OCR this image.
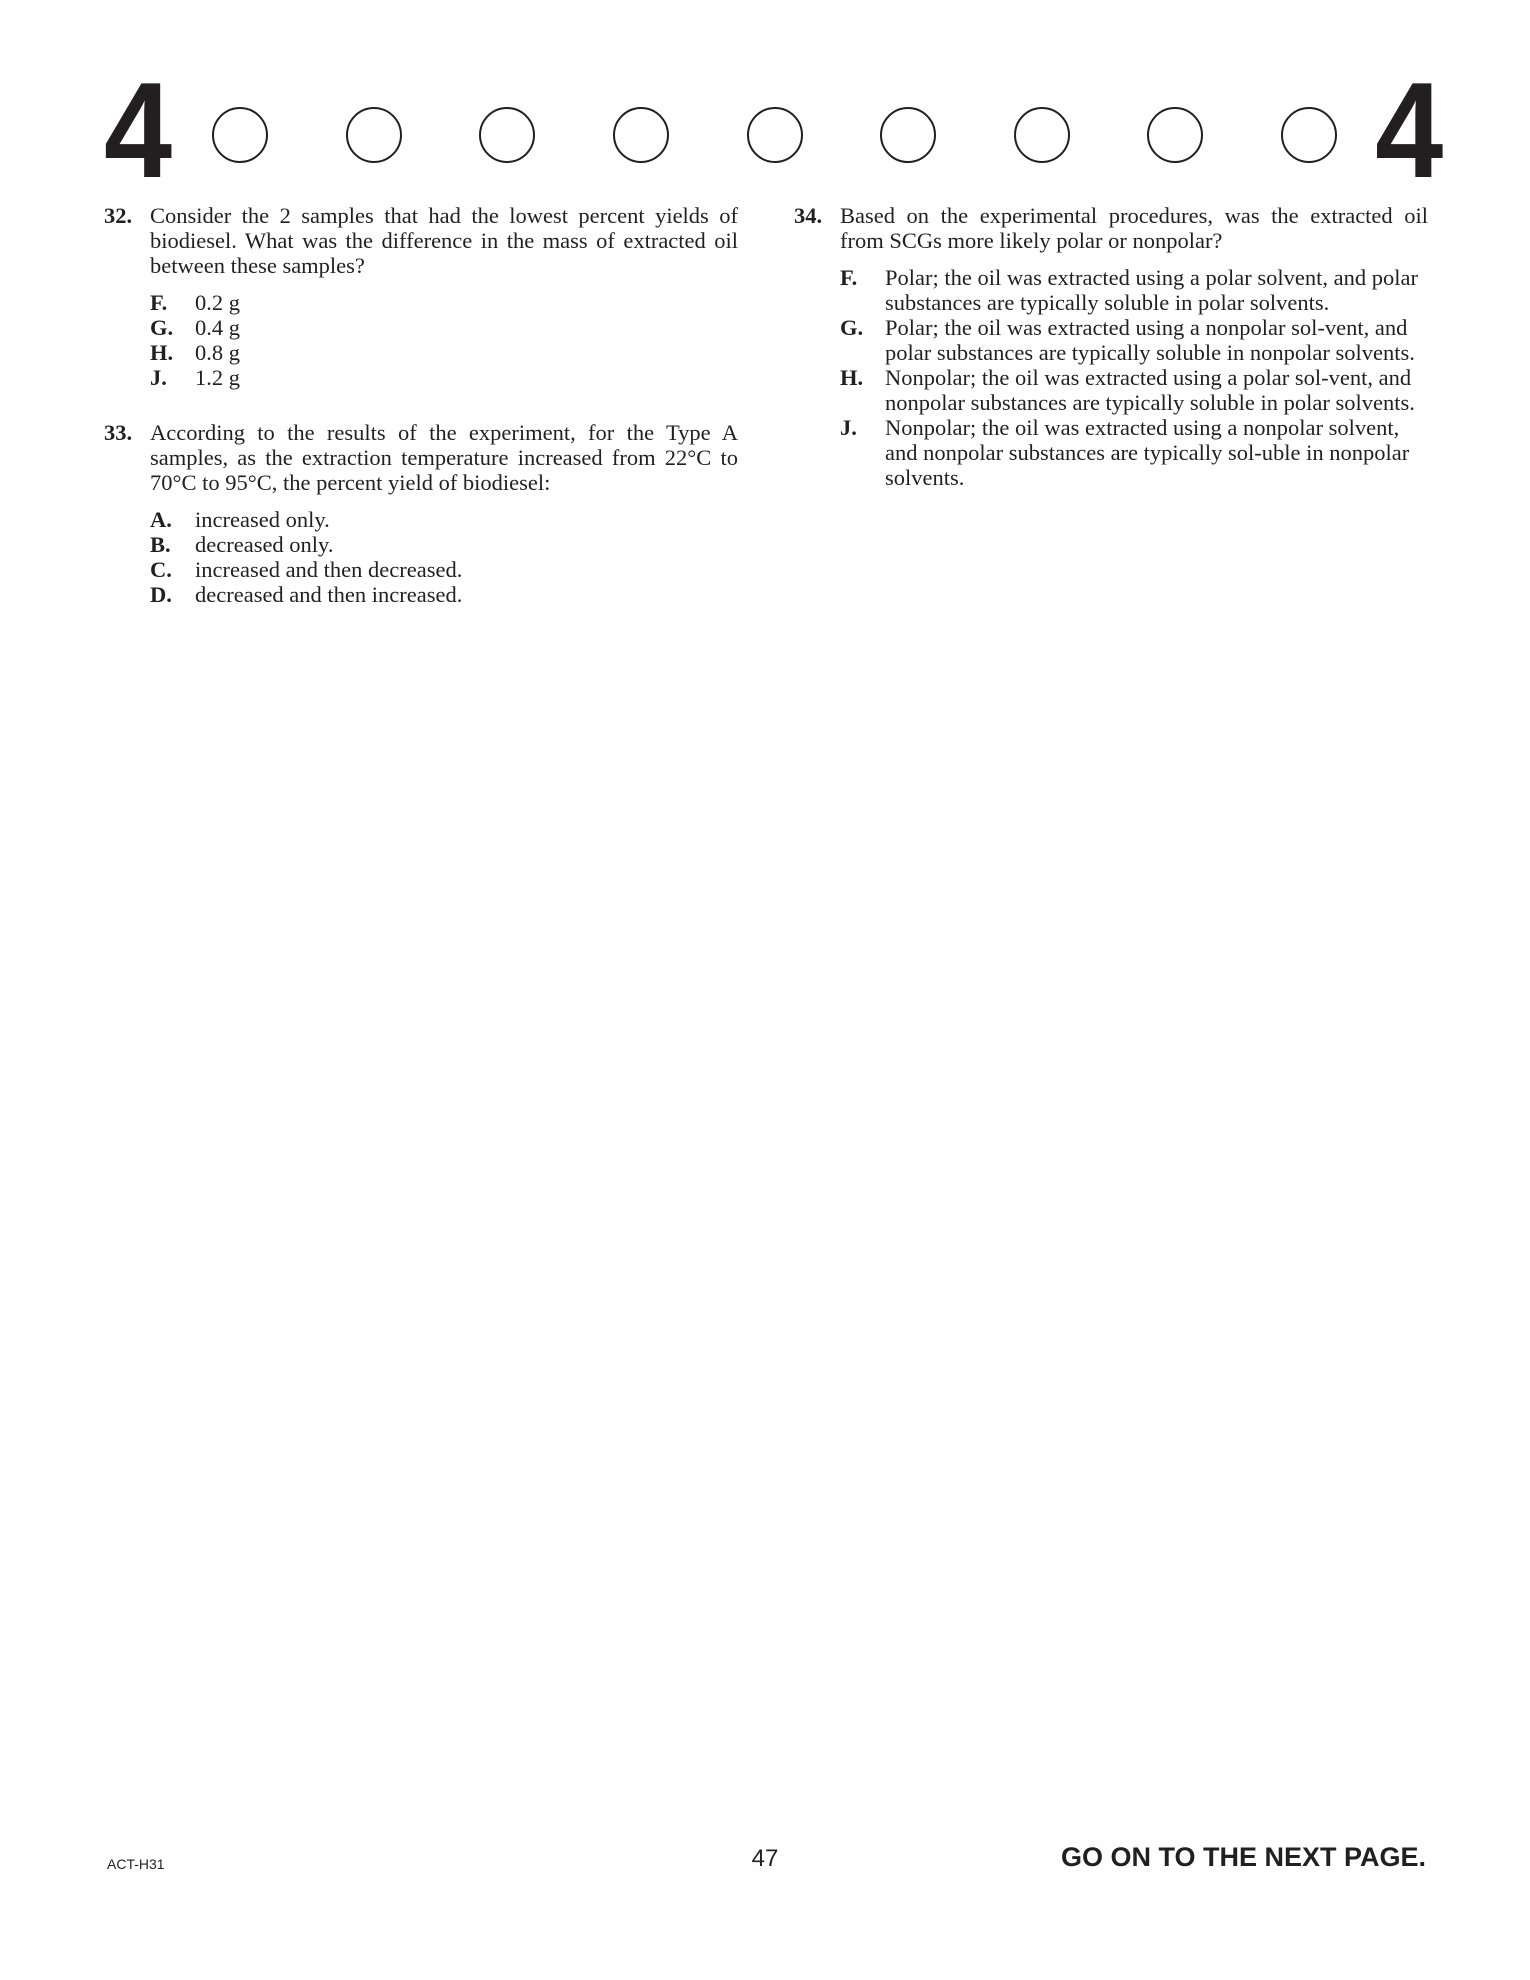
4	4
32. Consider the 2 samples that had the lowest percent yields of biodiesel. What was the difference in the mass of extracted oil between these samples?
F. 0.2 g
G. 0.4 g
H. 0.8 g
J. 1.2 g
33. According to the results of the experiment, for the Type A samples, as the extraction temperature increased from 22°C to 70°C to 95°C, the percent yield of biodiesel:
A. increased only.
B. decreased only.
C. increased and then decreased.
D. decreased and then increased.
34. Based on the experimental procedures, was the extracted oil from SCGs more likely polar or nonpolar?
F. Polar; the oil was extracted using a polar solvent, and polar substances are typically soluble in polar solvents.
G. Polar; the oil was extracted using a nonpolar sol-vent, and polar substances are typically soluble in nonpolar solvents.
H. Nonpolar; the oil was extracted using a polar sol-vent, and nonpolar substances are typically soluble in polar solvents.
J. Nonpolar; the oil was extracted using a nonpolar solvent, and nonpolar substances are typically sol-uble in nonpolar solvents.
ACT-H31	47	GO ON TO THE NEXT PAGE.
